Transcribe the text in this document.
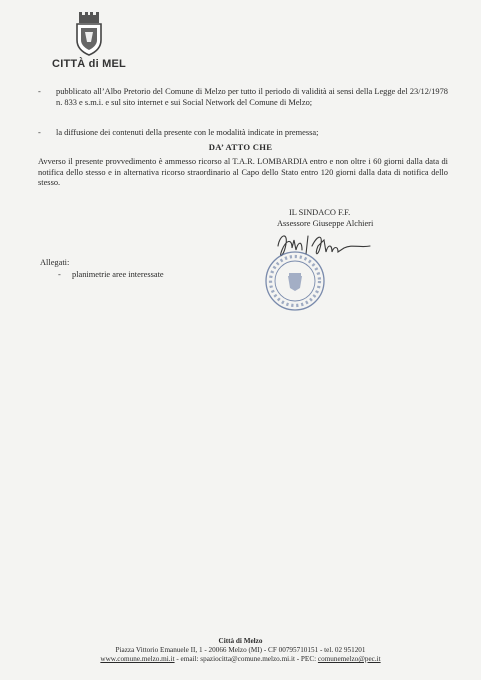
CITTÀ di MEL
- pubblicato all’Albo Pretorio del Comune di Melzo per tutto il periodo di validità ai sensi della Legge del 23/12/1978 n. 833 e s.m.i. e sul sito internet e sui Social Network del Comune di Melzo;
- la diffusione dei contenuti della presente con le modalità indicate in premessa;
DA’ ATTO CHE
Avverso il presente provvedimento è ammesso ricorso al T.A.R. LOMBARDIA entro e non oltre i 60 giorni dalla data di notifica dello stesso e in alternativa ricorso straordinario al Capo dello Stato entro 120 giorni dalla data di notifica dello stesso.
IL SINDACO F.F.
Assessore Giuseppe Alchieri
Allegati:
- planimetrie aree interessate
Città di Melzo
Piazza Vittorio Emanuele II, 1 - 20066 Melzo (MI) - CF 00795710151 - tel. 02 951201
www.comune.melzo.mi.it - email: spaziocitta@comune.melzo.mi.it - PEC: comunemelzo@pec.it
